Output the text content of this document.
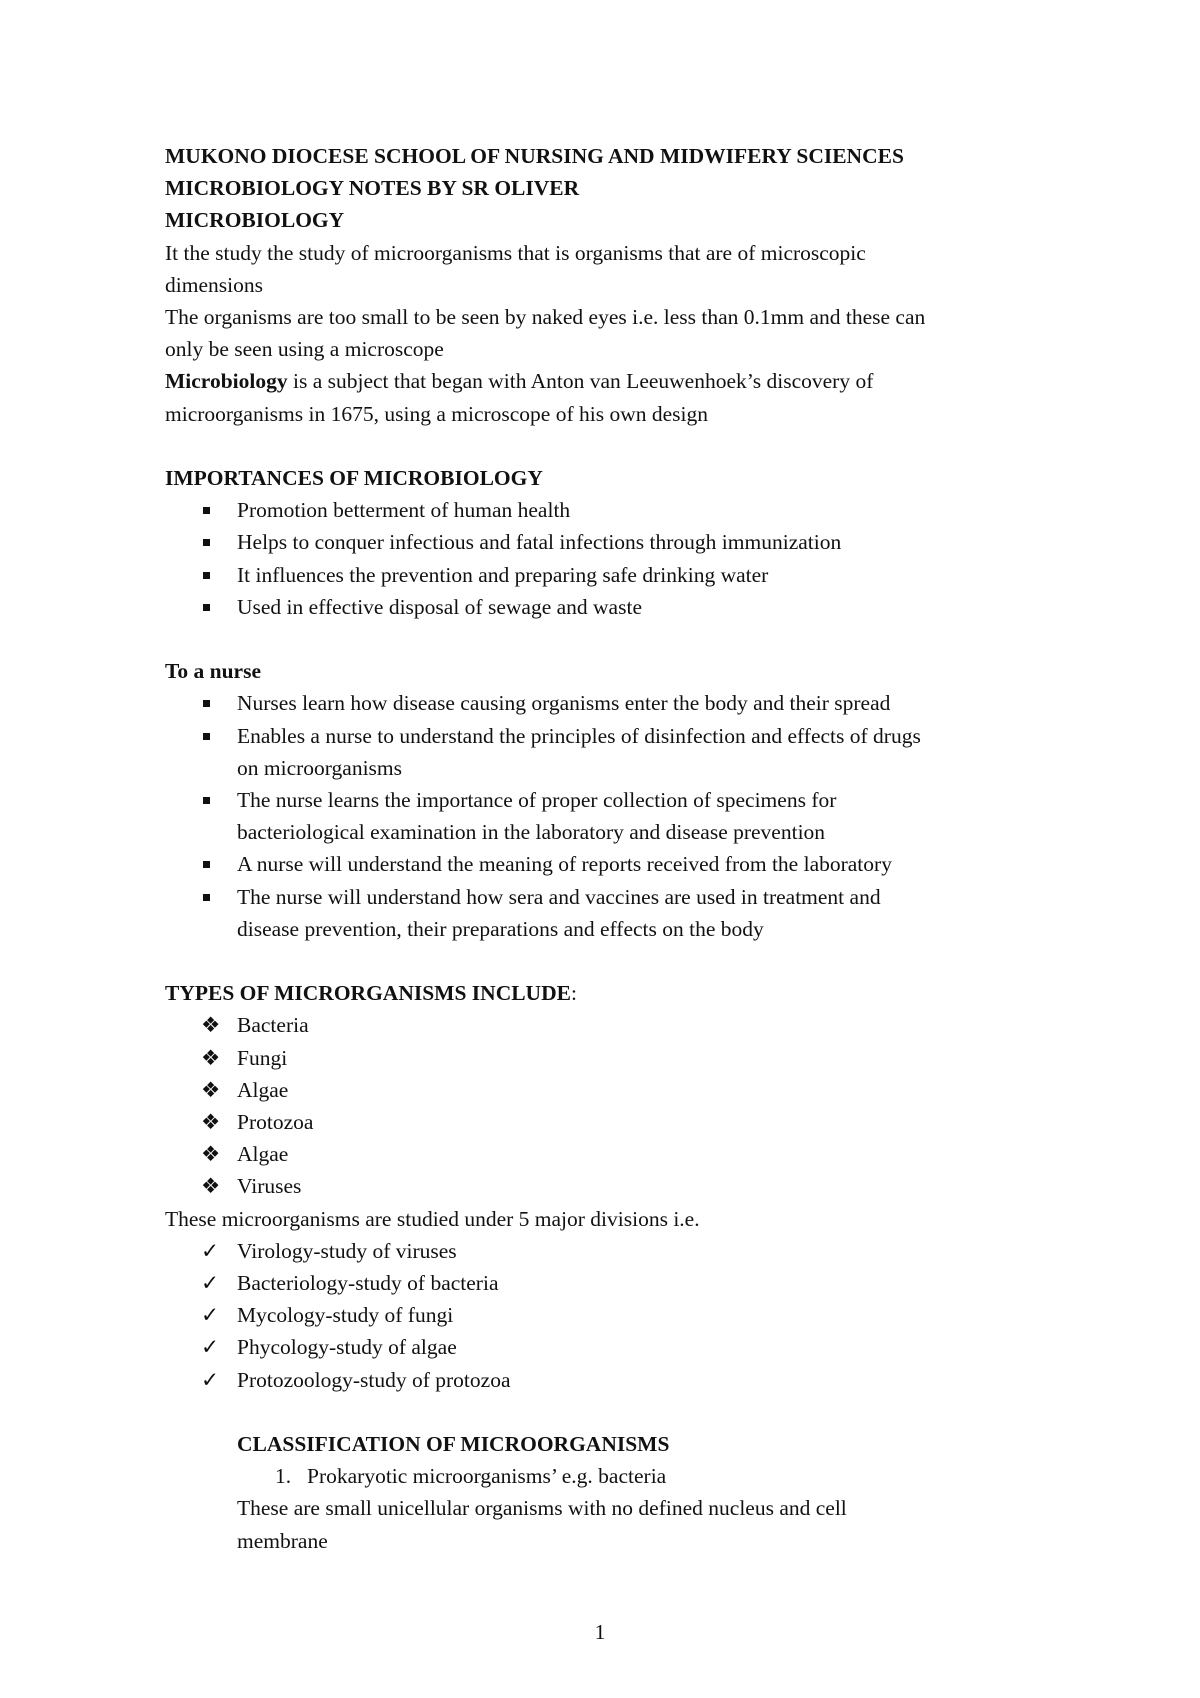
MUKONO DIOCESE SCHOOL OF NURSING AND MIDWIFERY SCIENCES

MICROBIOLOGY NOTES BY SR OLIVER

MICROBIOLOGY

It the study the study of microorganisms that is organisms that are of microscopic

dimensions

The organisms are too small to be seen by naked eyes i.e. less than 0.1mm and these can

only be seen using a microscope

Microbiology is a subject that began with Anton van Leeuwenhoek’s discovery of

microorganisms in 1675, using a microscope of his own design

IMPORTANCES OF MICROBIOLOGY

Promotion betterment of human health
Helps to conquer infectious and fatal infections through immunization
It influences the prevention and preparing safe drinking water
Used in effective disposal of sewage and waste

To a nurse

Nurses learn how disease causing organisms enter the body and their spread
Enables a nurse to understand the principles of disinfection and effects of drugs
on microorganisms
The nurse learns the importance of proper collection of specimens for
bacteriological examination in the laboratory and disease prevention
A nurse will understand the meaning of reports received from the laboratory
The nurse will understand how sera and vaccines are used in treatment and
disease prevention, their preparations and effects on the body

TYPES OF MICRORGANISMS INCLUDE:

❖ Bacteria
❖ Fungi
❖ Algae
❖ Protozoa
❖ Algae
❖ Viruses

These microorganisms are studied under 5 major divisions i.e.

✓ Virology-study of viruses
✓ Bacteriology-study of bacteria
✓ Mycology-study of fungi
✓ Phycology-study of algae
✓ Protozoology-study of protozoa

CLASSIFICATION OF MICROORGANISMS

1. Prokaryotic microorganisms’ e.g. bacteria

These are small unicellular organisms with no defined nucleus and cell

membrane

1
